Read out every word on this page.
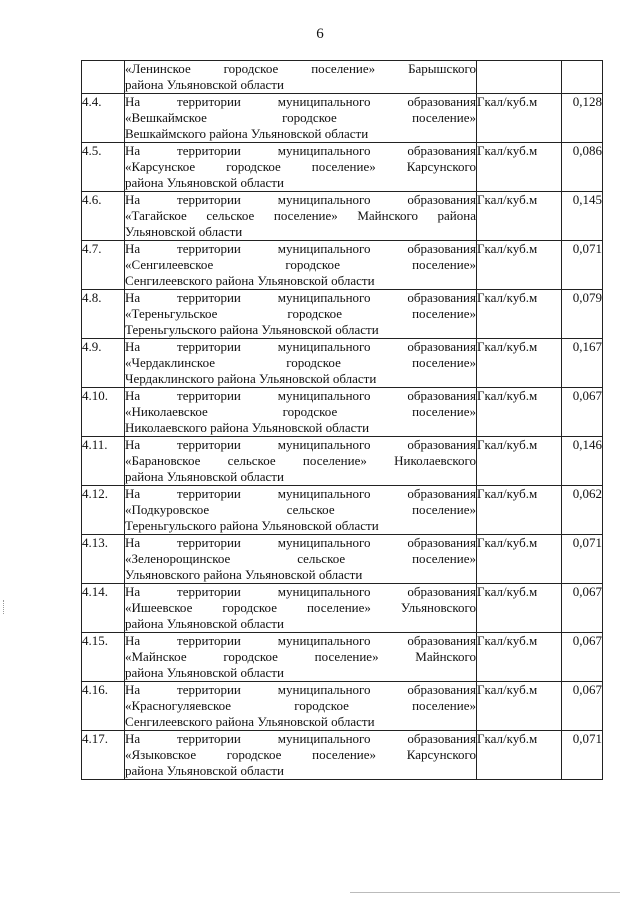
6

	«Ленинское городское поселение» Барышского
района Ульяновской области		

4.4.	На территории муниципального образования
«Вешкаймское городское поселение»
Вешкаймского района Ульяновской области	Гкал/куб.м	0,128
4.5.	На территории муниципального образования
«Карсунское городское поселение» Карсунского
района Ульяновской области	Гкал/куб.м	0,086
4.6.	На территории муниципального образования
«Тагайское сельское поселение» Майнского района
Ульяновской области	Гкал/куб.м	0,145
4.7.	На территории муниципального образования
«Сенгилеевское городское поселение»
Сенгилеевского района Ульяновской области	Гкал/куб.м	0,071
4.8.	На территории муниципального образования
«Тереньгульское городское поселение»
Тереньгульского района Ульяновской области	Гкал/куб.м	0,079
4.9.	На территории муниципального образования
«Чердаклинское городское поселение»
Чердаклинского района Ульяновской области	Гкал/куб.м	0,167
4.10.	На территории муниципального образования
«Николаевское городское поселение»
Николаевского района Ульяновской области	Гкал/куб.м	0,067
4.11.	На территории муниципального образования
«Барановское сельское поселение» Николаевского
района Ульяновской области	Гкал/куб.м	0,146
4.12.	На территории муниципального образования
«Подкуровское сельское поселение»
Тереньгульского района Ульяновской области	Гкал/куб.м	0,062
4.13.	На территории муниципального образования
«Зеленорощинское сельское поселение»
Ульяновского района Ульяновской области	Гкал/куб.м	0,071
4.14.	На территории муниципального образования
«Ишеевское городское поселение» Ульяновского
района Ульяновской области	Гкал/куб.м	0,067
4.15.	На территории муниципального образования
«Майнское городское поселение» Майнского
района Ульяновской области	Гкал/куб.м	0,067
4.16.	На территории муниципального образования
«Красногуляевское городское поселение»
Сенгилеевского района Ульяновской области	Гкал/куб.м	0,067
4.17.	На территории муниципального образования
«Языковское городское поселение» Карсунского
района Ульяновской области	Гкал/куб.м	0,071
